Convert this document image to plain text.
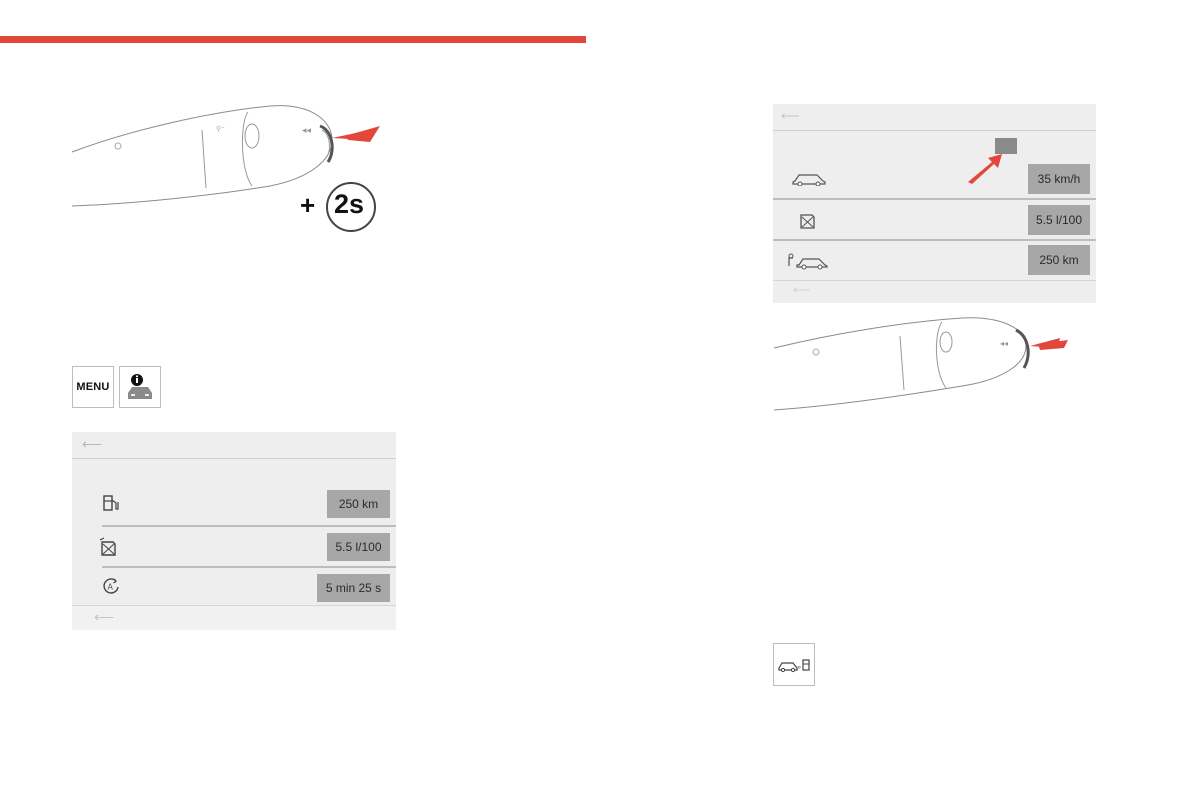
◂◂
⚲⁼
+ 2s
MENU
⟵
250 km
5.5 l/100
A	5 min 25 s
⟵
⟵
35 km/h
5.5 l/100
250 km
⟵
◂◂
»
